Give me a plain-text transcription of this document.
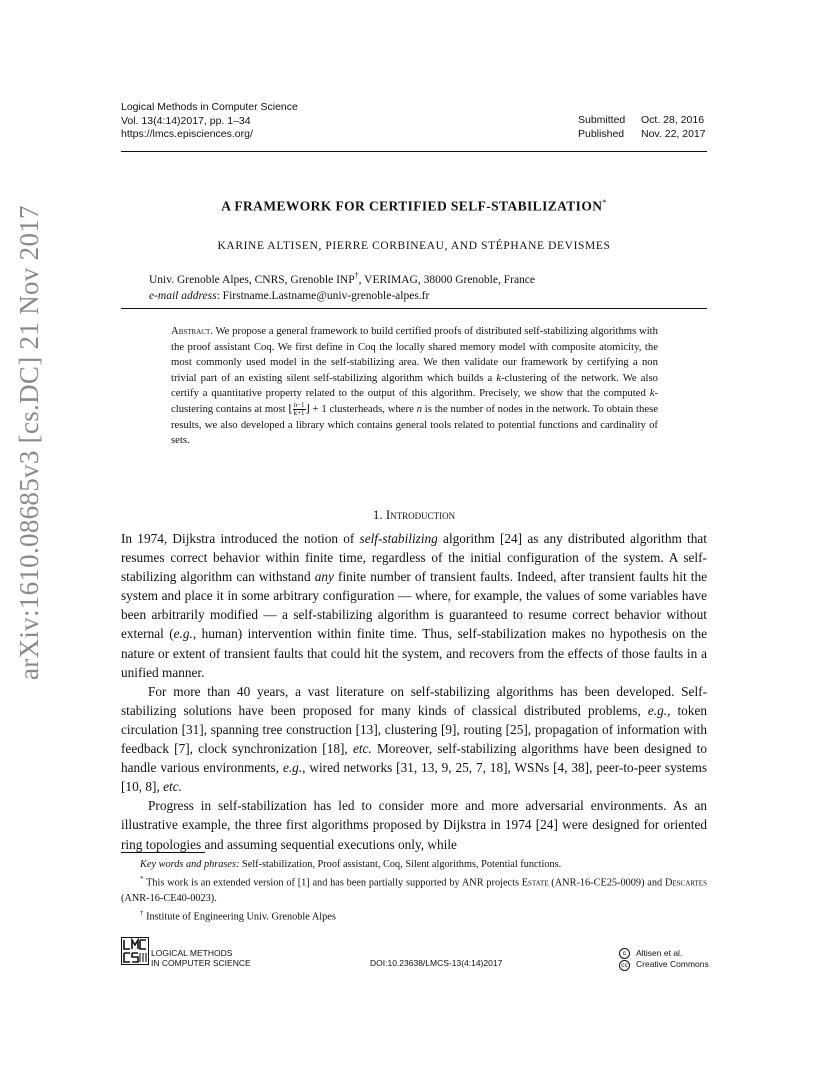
arXiv:1610.08685v3 [cs.DC] 21 Nov 2017
Logical Methods in Computer Science
Vol. 13(4:14)2017, pp. 1–34
https://lmcs.episciences.org/
Submitted Oct. 28, 2016
Published Nov. 22, 2017
A FRAMEWORK FOR CERTIFIED SELF-STABILIZATION*
KARINE ALTISEN, PIERRE CORBINEAU, AND STÉPHANE DEVISMES
Univ. Grenoble Alpes, CNRS, Grenoble INP†, VERIMAG, 38000 Grenoble, France
e-mail address: Firstname.Lastname@univ-grenoble-alpes.fr
Abstract. We propose a general framework to build certified proofs of distributed self-stabilizing algorithms with the proof assistant Coq. We first define in Coq the locally shared memory model with composite atomicity, the most commonly used model in the self-stabilizing area. We then validate our framework by certifying a non trivial part of an existing silent self-stabilizing algorithm which builds a k-clustering of the network. We also certify a quantitative property related to the output of this algorithm. Precisely, we show that the computed k-clustering contains at most ⌊ $\frac{n-1}{k+1}$ ⌋ + 1 clusterheads, where n is the number of nodes in the network. To obtain these results, we also developed a library which contains general tools related to potential functions and cardinality of sets.
1. Introduction

In 1974, Dijkstra introduced the notion of self-stabilizing algorithm [24] as any distributed algorithm that resumes correct behavior within finite time, regardless of the initial configuration of the system. A self-stabilizing algorithm can withstand any finite number of transient faults. Indeed, after transient faults hit the system and place it in some arbitrary configuration — where, for example, the values of some variables have been arbitrarily modified — a self-stabilizing algorithm is guaranteed to resume correct behavior without external (e.g., human) intervention within finite time. Thus, self-stabilization makes no hypothesis on the nature or extent of transient faults that could hit the system, and recovers from the effects of those faults in a unified manner.

For more than 40 years, a vast literature on self-stabilizing algorithms has been developed. Self-stabilizing solutions have been proposed for many kinds of classical distributed problems, e.g., token circulation [31], spanning tree construction [13], clustering [9], routing [25], propagation of information with feedback [7], clock synchronization [18], etc. Moreover, self-stabilizing algorithms have been designed to handle various environments, e.g., wired networks [31, 13, 9, 25, 7, 18], WSNs [4, 38], peer-to-peer systems [10, 8], etc.

Progress in self-stabilization has led to consider more and more adversarial environments. As an illustrative example, the three first algorithms proposed by Dijkstra in 1974 [24] were designed for oriented ring topologies and assuming sequential executions only, while

Key words and phrases: Self-stabilization, Proof assistant, Coq, Silent algorithms, Potential functions.

* This work is an extended version of [1] and has been partially supported by ANR projects Estate (ANR-16-CE25-0009) and Descartes (ANR-16-CE40-0023).

† Institute of Engineering Univ. Grenoble Alpes

LOGICAL METHODS
IN COMPUTER SCIENCE	DOI:10.23638/LMCS-13(4:14)2017
c Altisen et al.
cc Creative Commons
